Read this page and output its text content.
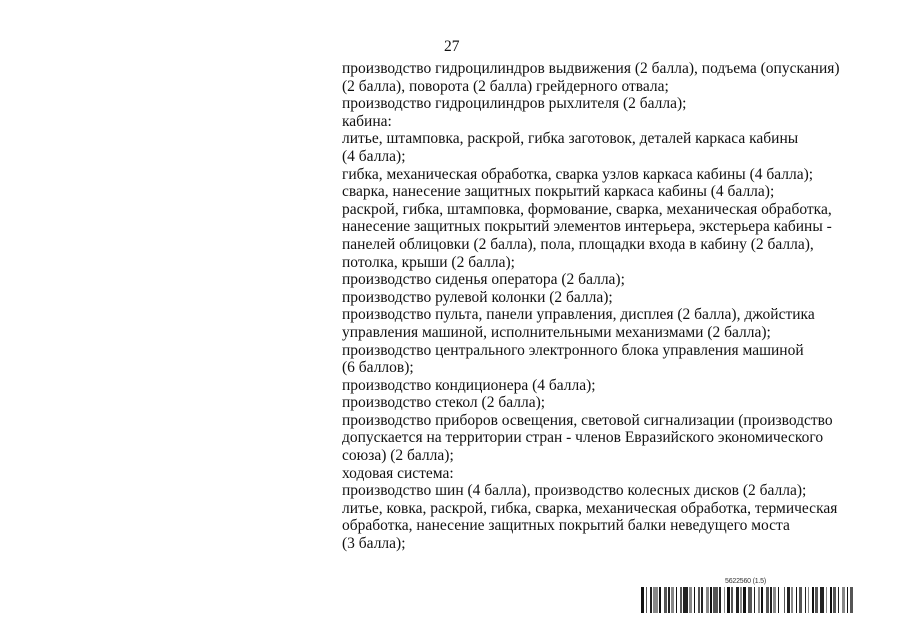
27
производство гидроцилиндров выдвижения (2 балла), подъема (опускания)
(2 балла), поворота (2 балла) грейдерного отвала;
производство гидроцилиндров рыхлителя (2 балла);
кабина:
литье, штамповка, раскрой, гибка заготовок, деталей каркаса кабины
(4 балла);
гибка, механическая обработка, сварка узлов каркаса кабины (4 балла);
сварка, нанесение защитных покрытий каркаса кабины (4 балла);
раскрой, гибка, штамповка, формование, сварка, механическая обработка,
нанесение защитных покрытий элементов интерьера, экстерьера кабины -
панелей облицовки (2 балла), пола, площадки входа в кабину (2 балла),
потолка, крыши (2 балла);
производство сиденья оператора (2 балла);
производство рулевой колонки (2 балла);
производство пульта, панели управления, дисплея (2 балла), джойстика
управления машиной, исполнительными механизмами (2 балла);
производство центрального электронного блока управления машиной
(6 баллов);
производство кондиционера (4 балла);
производство стекол (2 балла);
производство приборов освещения, световой сигнализации (производство
допускается на территории стран - членов Евразийского экономического
союза) (2 балла);
ходовая система:
производство шин (4 балла), производство колесных дисков (2 балла);
литье, ковка, раскрой, гибка, сварка, механическая обработка, термическая
обработка, нанесение защитных покрытий балки неведущего моста
(3 балла);
5622560 (1.5)
